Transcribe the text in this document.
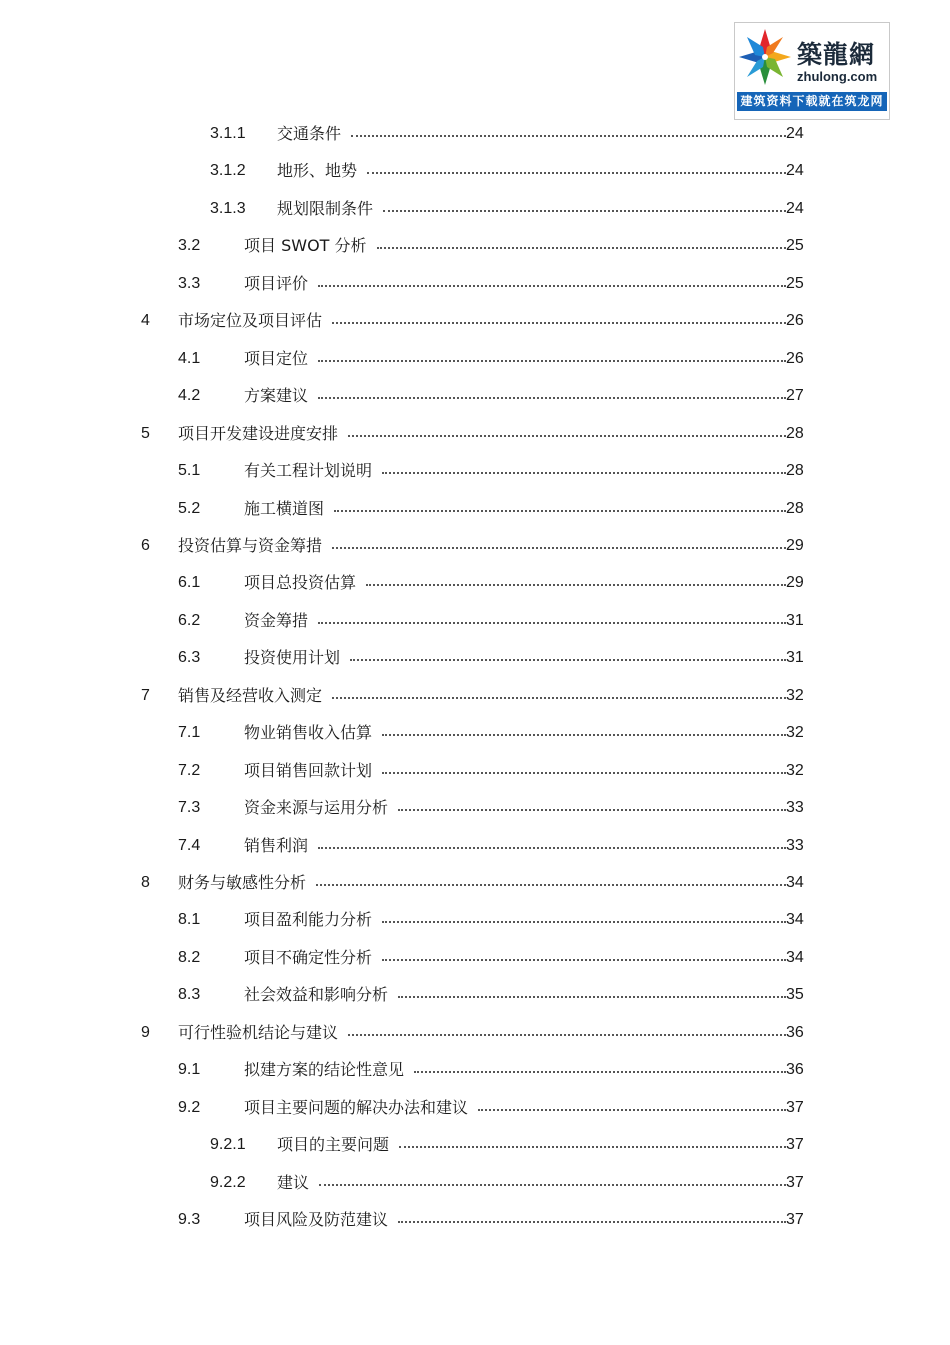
築龍網
zhulong.com
建筑资料下载就在筑龙网
3.1.1 交通条件	24
3.1.2 地形、地势	24
3.1.3 规划限制条件	24
3.2	项目 SWOT 分析	25
3.3	项目评价	25
4 市场定位及项目评估	26
4.1	项目定位	26
4.2	方案建议	27
5 项目开发建设进度安排	28
5.1	有关工程计划说明	28
5.2	施工横道图	28
6 投资估算与资金筹措	29
6.1	项目总投资估算	29
6.2	资金筹措	31
6.3	投资使用计划	31
7 销售及经营收入测定	32
7.1	物业销售收入估算	32
7.2	项目销售回款计划	32
7.3	资金来源与运用分析	33
7.4	销售利润	33
8 财务与敏感性分析	34
8.1	项目盈利能力分析	34
8.2	项目不确定性分析	34
8.3	社会效益和影响分析	35
9 可行性验机结论与建议	36
9.1	拟建方案的结论性意见	36
9.2	项目主要问题的解决办法和建议	37
9.2.1 项目的主要问题	37
9.2.2 建议	37
9.3	项目风险及防范建议	37
